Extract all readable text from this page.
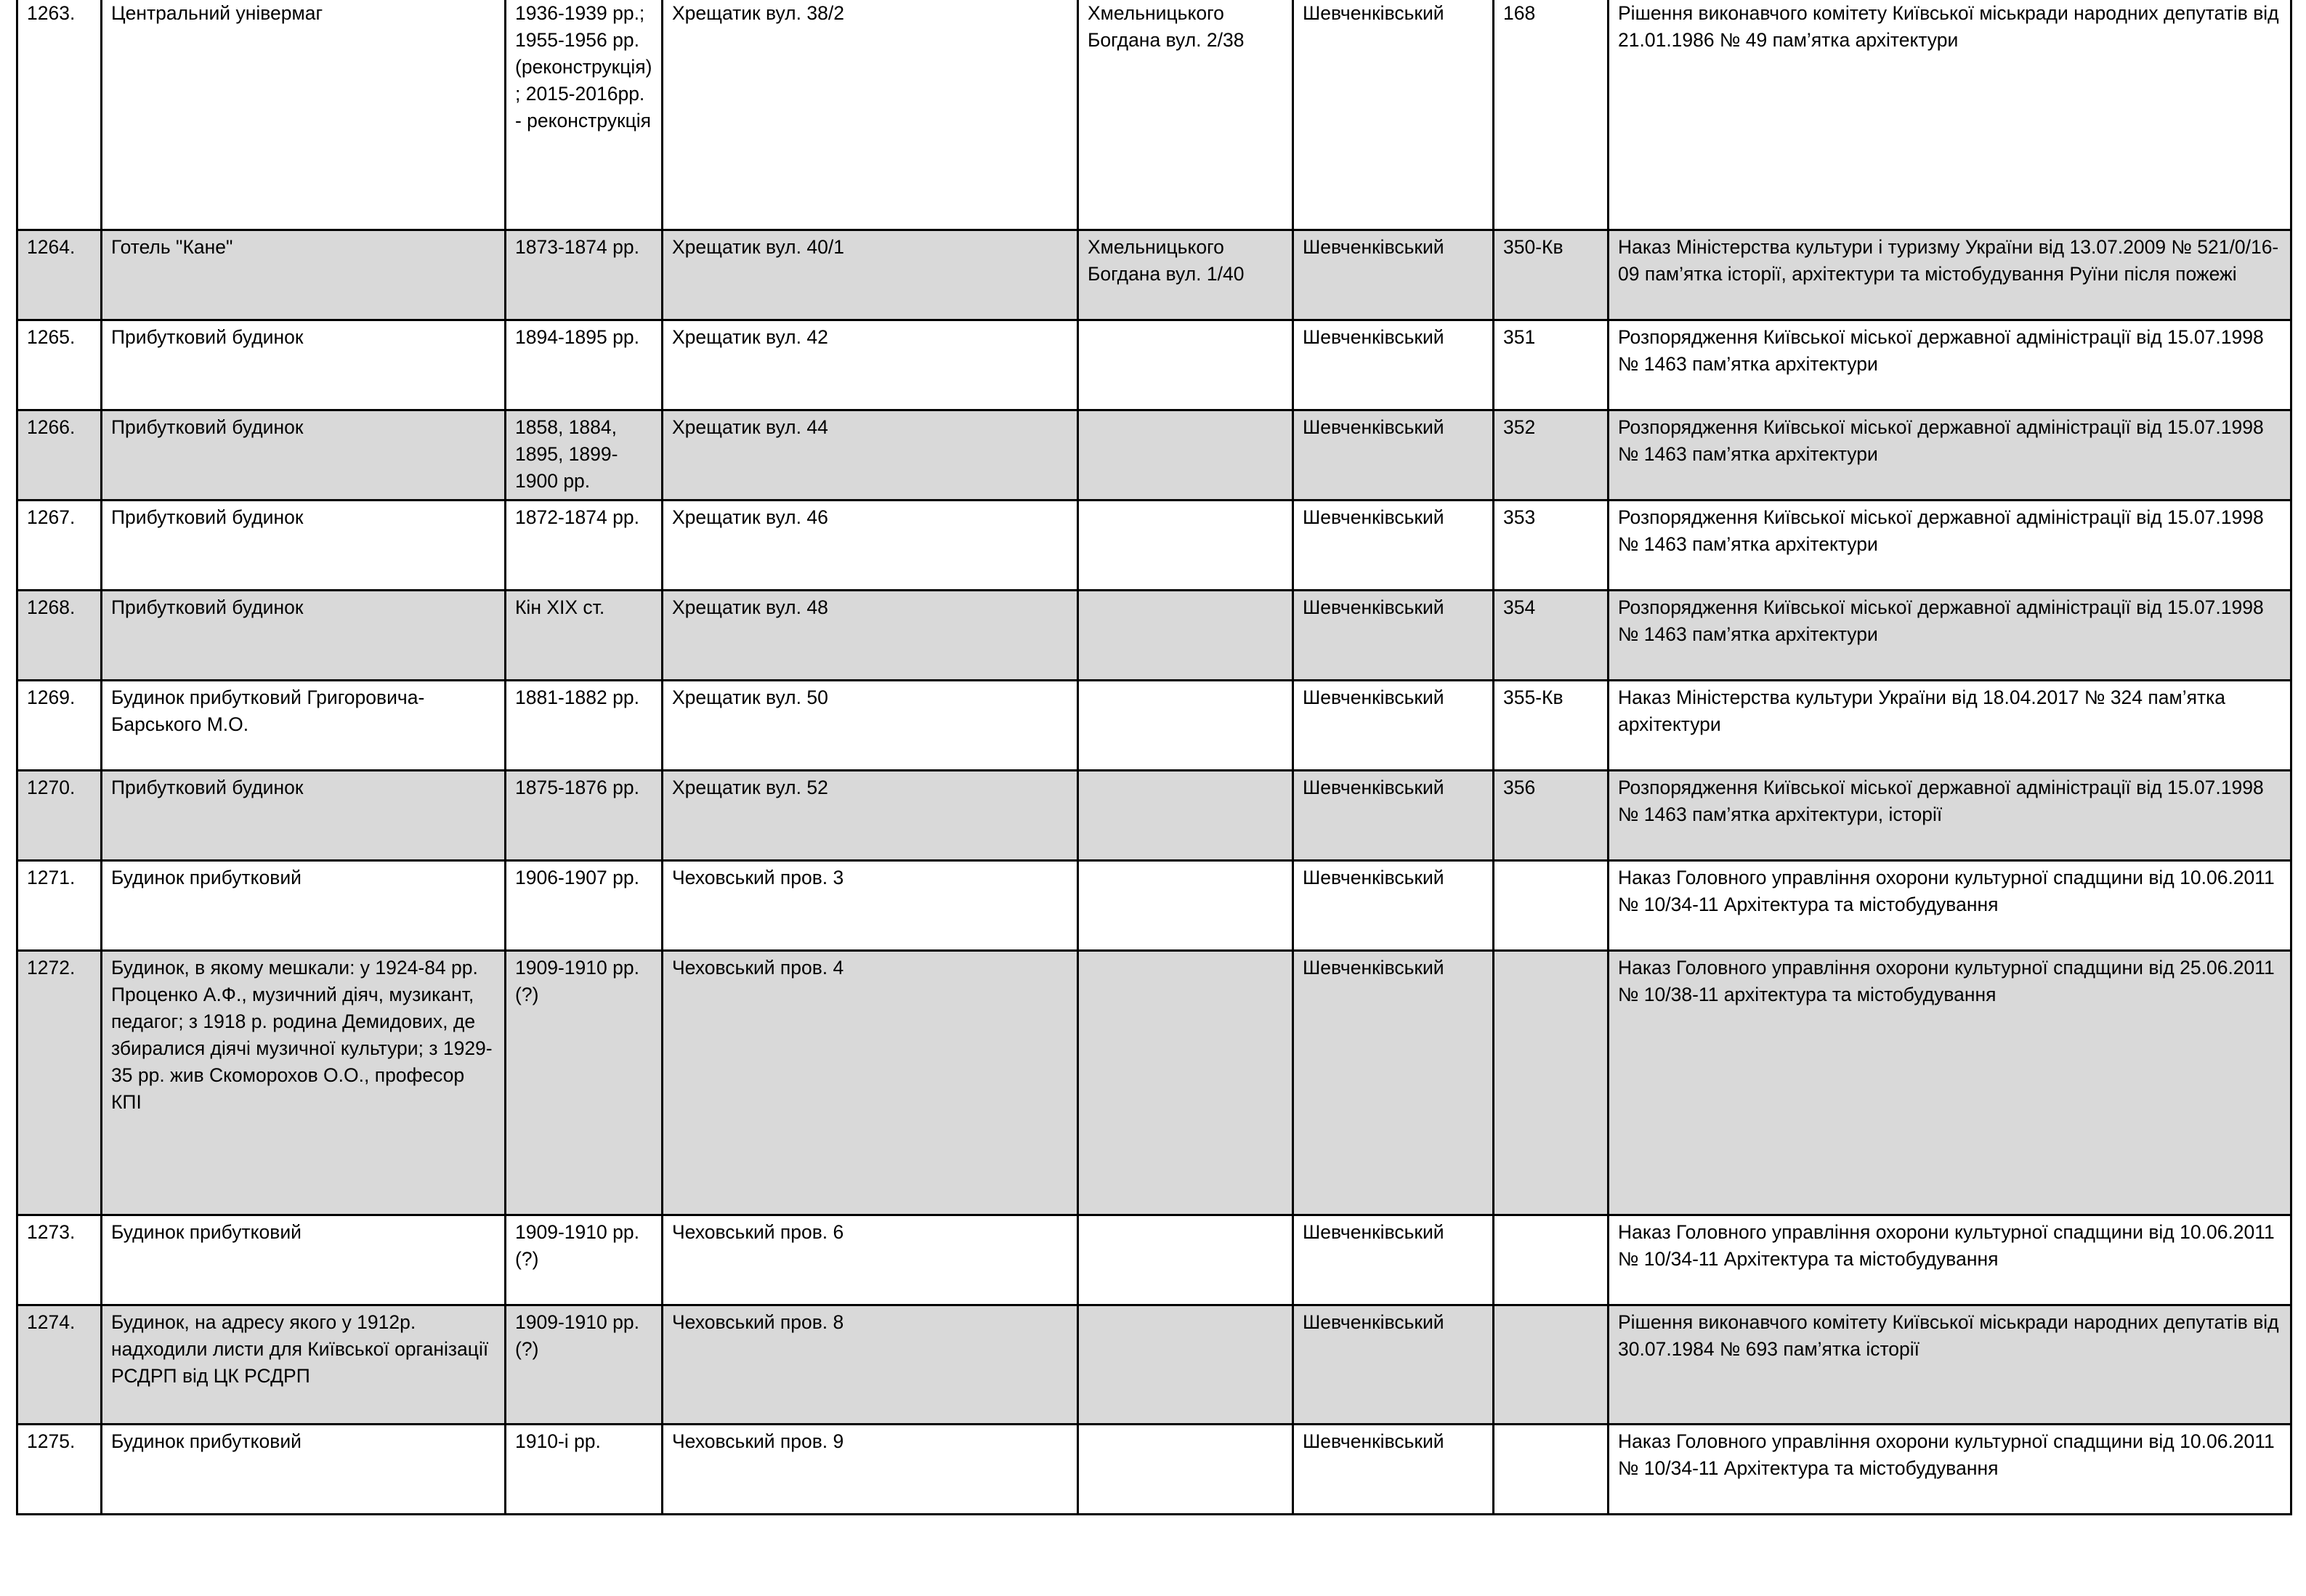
1263.	Центральний універмаг	1936-1939 рр.; 1955-1956 рр. (реконструкція); 2015-2016рр. - реконструкція	Хрещатик вул. 38/2	Хмельницького Богдана вул. 2/38	Шевченківський	168	Рішення виконавчого комітету Київської міськради народних депутатів від 21.01.1986 № 49 пам’ятка архітектури
1264.	Готель "Кане"	1873-1874 рр.	Хрещатик вул. 40/1	Хмельницького Богдана вул. 1/40	Шевченківський	350-Кв	Наказ Міністерства культури і туризму України від 13.07.2009 № 521/0/16-09 пам’ятка історії, архітектури та містобудування Руїни після пожежі
1265.	Прибутковий будинок	1894-1895 рр.	Хрещатик вул. 42		Шевченківський	351	Розпорядження Київської міської державної адміністрації від 15.07.1998 № 1463 пам’ятка архітектури
1266.	Прибутковий будинок	1858, 1884, 1895, 1899-1900 рр.	Хрещатик вул. 44		Шевченківський	352	Розпорядження Київської міської державної адміністрації від 15.07.1998 № 1463 пам’ятка архітектури
1267.	Прибутковий будинок	1872-1874 рр.	Хрещатик вул. 46		Шевченківський	353	Розпорядження Київської міської державної адміністрації від 15.07.1998 № 1463 пам’ятка архітектури
1268.	Прибутковий будинок	Кін XIX ст.	Хрещатик вул. 48		Шевченківський	354	Розпорядження Київської міської державної адміністрації від 15.07.1998 № 1463 пам’ятка архітектури
1269.	Будинок прибутковий Григоровича-Барського М.О.	1881-1882 рр.	Хрещатик вул. 50		Шевченківський	355-Кв	Наказ Міністерства культури України від 18.04.2017 № 324 пам’ятка архітектури
1270.	Прибутковий будинок	1875-1876 рр.	Хрещатик вул. 52		Шевченківський	356	Розпорядження Київської міської державної адміністрації від 15.07.1998 № 1463 пам’ятка архітектури, історії
1271.	Будинок прибутковий	1906-1907 рр.	Чеховський пров. 3		Шевченківський		Наказ Головного управління охорони культурної спадщини від 10.06.2011 № 10/34-11 Архітектура та містобудування
1272.	Будинок, в якому мешкали: у 1924-84 рр. Проценко А.Ф., музичний діяч, музикант, педагог; з 1918 р. родина Демидових, де збиралися діячі музичної культури; з 1929-35 рр. жив Скоморохов О.О., професор КПІ	1909-1910 рр. (?)	Чеховський пров. 4		Шевченківський		Наказ Головного управління охорони культурної спадщини від 25.06.2011 № 10/38-11 архітектура та містобудування
1273.	Будинок прибутковий	1909-1910 рр. (?)	Чеховський пров. 6		Шевченківський		Наказ Головного управління охорони культурної спадщини від 10.06.2011 № 10/34-11 Архітектура та містобудування
1274.	Будинок, на адресу якого у 1912р. надходили листи для Київської організації РСДРП від ЦК РСДРП	1909-1910 рр. (?)	Чеховський пров. 8		Шевченківський		Рішення виконавчого комітету Київської міськради народних депутатів від 30.07.1984 № 693 пам’ятка історії
1275.	Будинок прибутковий	1910-і рр.	Чеховський пров. 9		Шевченківський		Наказ Головного управління охорони культурної спадщини від 10.06.2011 № 10/34-11 Архітектура та містобудування
